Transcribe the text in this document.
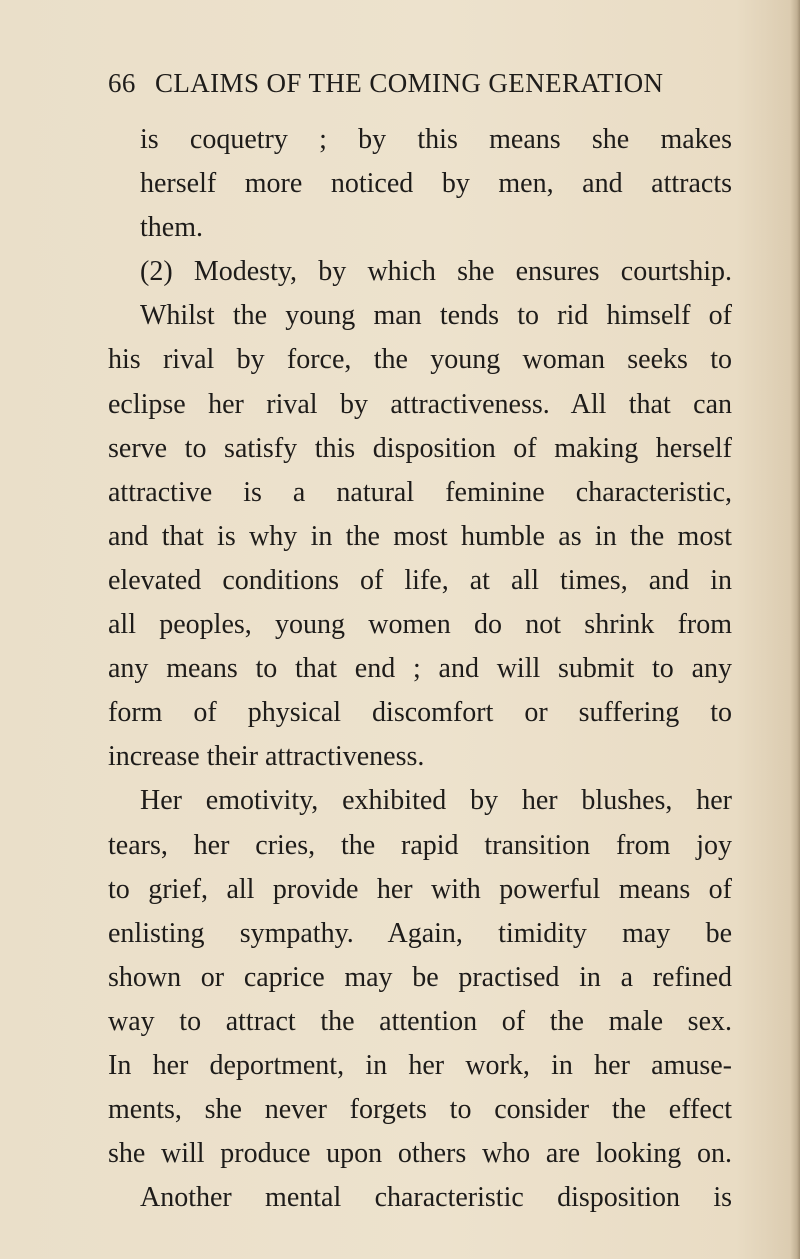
66 CLAIMS OF THE COMING GENERATION
is coquetry ; by this means she makes
herself more noticed by men, and attracts
them.
(2) Modesty, by which she ensures courtship.
Whilst the young man tends to rid himself of
his rival by force, the young woman seeks to
eclipse her rival by attractiveness. All that can
serve to satisfy this disposition of making herself
attractive is a natural feminine characteristic,
and that is why in the most humble as in the most
elevated conditions of life, at all times, and in
all peoples, young women do not shrink from
any means to that end ; and will submit to any
form of physical discomfort or suffering to
increase their attractiveness.
Her emotivity, exhibited by her blushes, her
tears, her cries, the rapid transition from joy
to grief, all provide her with powerful means of
enlisting sympathy. Again, timidity may be
shown or caprice may be practised in a refined
way to attract the attention of the male sex.
In her deportment, in her work, in her amuse-
ments, she never forgets to consider the effect
she will produce upon others who are looking on.
Another mental characteristic disposition is
